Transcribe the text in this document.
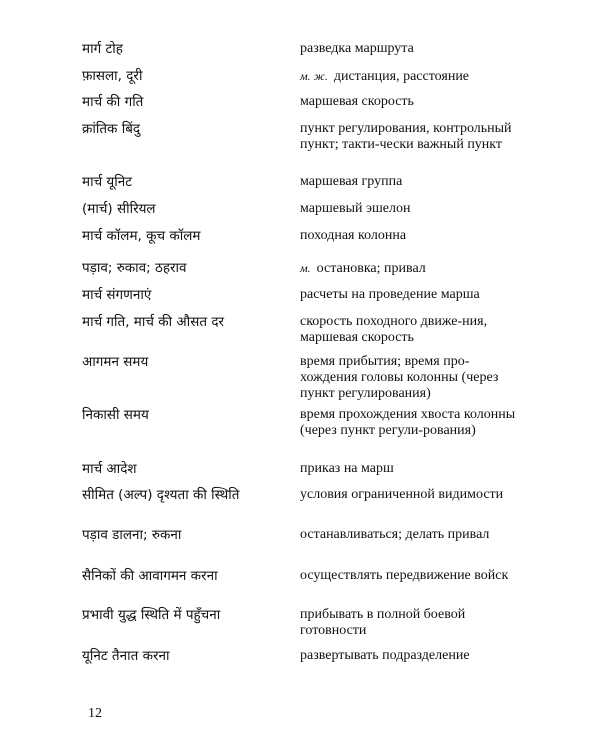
मार्ग टोह	разведка маршрута
फ़ासला, दूरी	м. ж. дистанция, расстояние
मार्च की गति	маршевая скорость
क्रांतिक बिंदु	пункт регулирования, контрольный пункт; такти-чески важный пункт
मार्च यूनिट	маршевая группа
(मार्च) सीरियल	маршевый эшелон
मार्च कॉलम, कूच कॉलम	походная колонна
पड़ाव; रुकाव; ठहराव	м. остановка; привал
मार्च संगणनाएं	расчеты на проведение марша
मार्च गति, मार्च की औसत दर	скорость походного движе-ния, маршевая скорость
आगमन समय	время прибытия; время про-хождения головы колонны (через пункт регулирования)
निकासी समय	время прохождения хвоста колонны (через пункт регули-рования)
मार्च आदेश	приказ на марш
सीमित (अल्प) दृश्यता की स्थिति	условия ограниченной видимости
पड़ाव डालना; रुकना	останавливаться; делать привал
सैनिकों की आवागमन करना	осуществлять передвижение войск
प्रभावी युद्ध स्थिति में पहुँचना	прибывать в полной боевой готовности
यूनिट तैनात करना	развертывать подразделение
12
